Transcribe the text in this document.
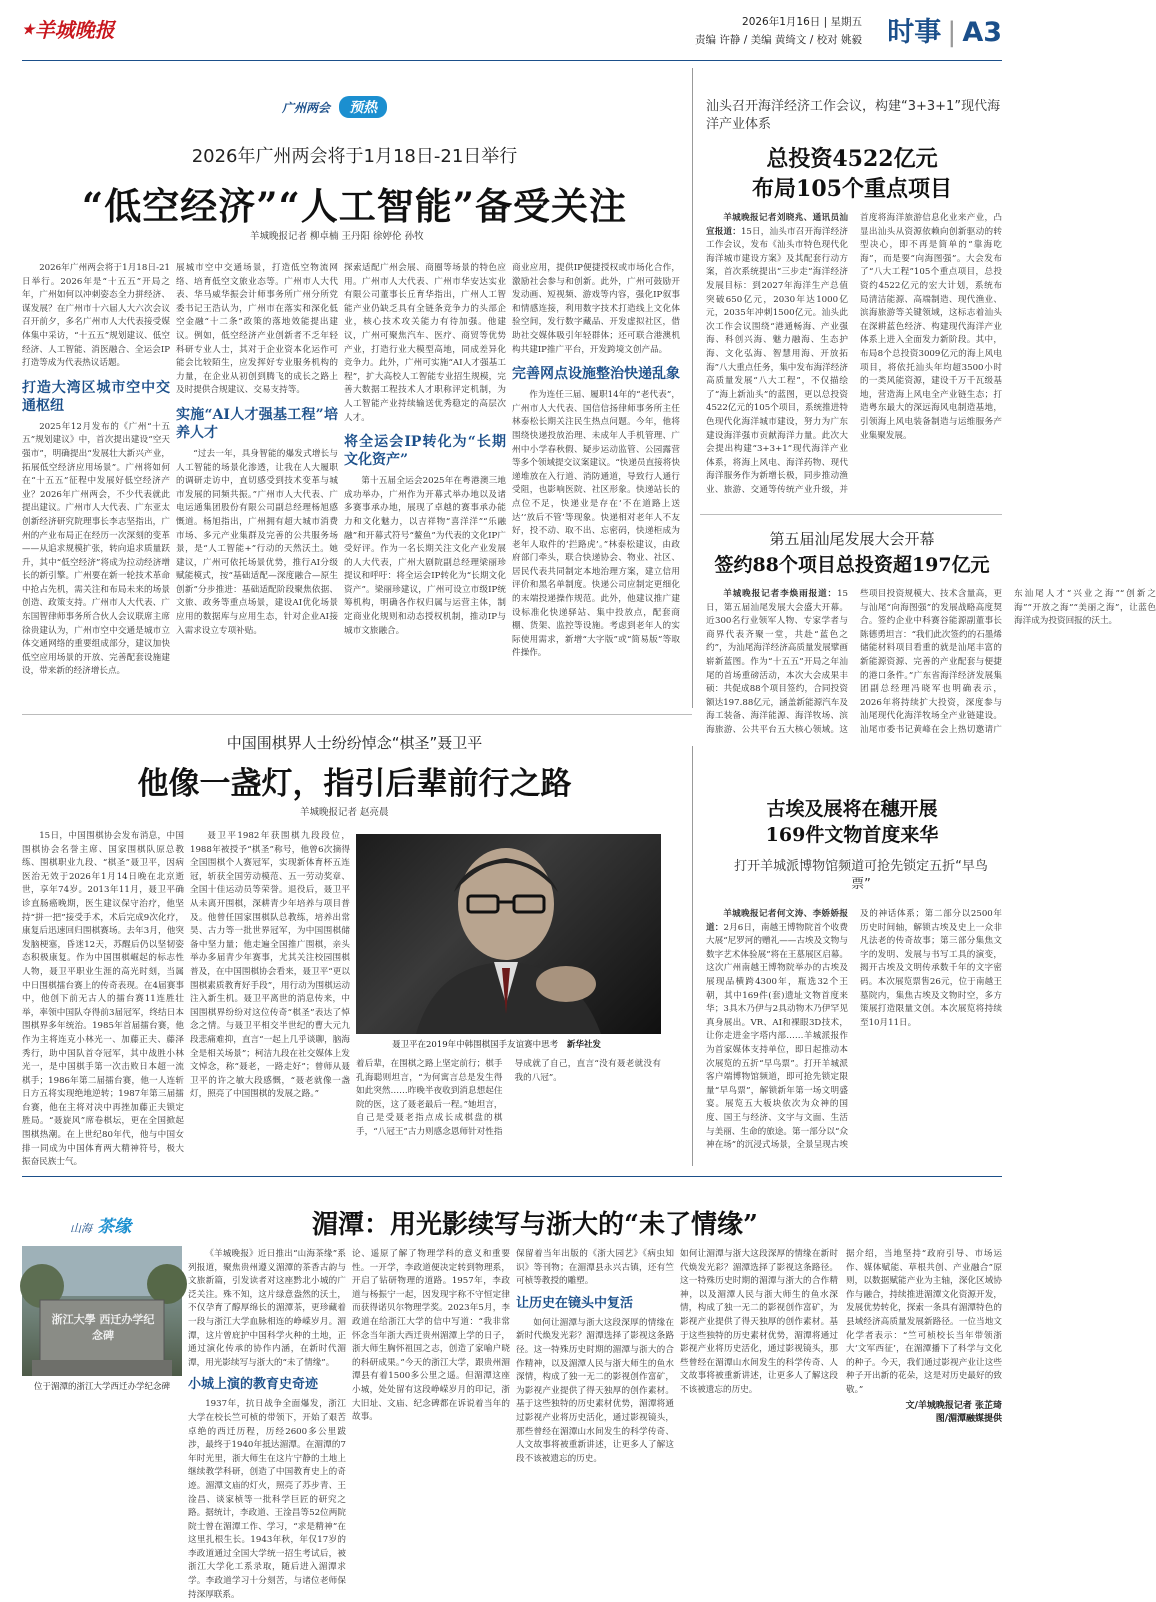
★羊城晚报	2026年1月16日 | 星期五
责编 许静 / 美编 黄绮文 / 校对 姚毅 时事 | A3
广州两会 预热
2026年广州两会将于1月18日-21日举行
“低空经济”“人工智能”备受关注
羊城晚报记者 柳卓楠 王丹阳 徐婷伦 孙牧

2026年广州两会将于1月18日-21日举行。2026年是“十五五”开局之年，广州如何以冲刺姿态全力拼经济、谋发展？在广州市十六届人大六次会议召开前夕，多名广州市人大代表接受媒体集中采访，“十五五”规划建议、低空经济、人工智能、消医融合、全运会IP打造等成为代表热议话题。

打造大湾区城市空中交通枢纽

2025年12月发布的《广州“十五五”规划建议》中，首次提出建设“空天强市”，明确提出“发展壮大新兴产业，拓展低空经济应用场景”。广州将如何在“十五五”征程中发展好低空经济产业？2026年广州两会，不少代表就此提出建议。广州市人大代表、广东亚太创新经济研究院理事长李志坚指出，广州的产业布局正在经历一次深刻的变革——从追求规模扩张，转向追求质量跃升，其中“低空经济”将成为拉动经济增长的新引擎。广州要在新一轮技术革命中抢占先机，需关注和布局未来的场景创造、政策支持。广州市人大代表、广东国智律师事务所合伙人会议联席主席徐贵建认为，广州市空中交通是城市立体交通网络的重要组成部分，建议加快低空应用场景的开放、完善配套设施建设，带来新的经济增长点。

展城市空中交通场景，打造低空物流网络、培育低空文旅业态等。广州市人大代表、华马威华振会计师事务所广州分所党委书记王浩认为，广州市在落实和深化低空金融“十二条”政策的落地效能提出建议。例如，低空经济产业创新者不乏年轻科研专业人士，其对于企业资本化运作可能会比较陌生，应发挥好专业服务机构的力量，在企业从初创到腾飞的成长之路上及时提供合规建议、交易支持等。

实施“AI人才强基工程”培养人才

“过去一年，具身智能的爆发式增长与人工智能的场景化渗透，让我在人大履职的调研走访中，直切感受到技术变革与城市发展的同频共振。”广州市人大代表、广电运通集团股份有限公司副总经理杨旭感慨道。杨旭指出，广州拥有超大城市消费市场、多元产业集群及完善的公共服务场景，是“人工智能+”行动的天然沃土。她建议，广州可依托场景优势，推行AI分级赋能模式，按“基础适配—深度融合—原生创新”分步推进：基础适配阶段聚焦依据、文旅、政务等重点场景，建设AI优化场景应用的数据库与应用生态，针对企业AI接入需求设立专项补贴。

探索适配广州会展、商圈等场景的特色应用。广州市人大代表、广州市华安达实业有限公司董事长丘育华指出，广州人工智能产业仍缺乏具有全链条竞争力的头部企业，核心技术攻关能力有待加强。他建议，广州可聚焦汽车、医疗、商贸等优势产业，打造行业大模型高地，同成差异化竞争力。此外，广州可实施“AI人才强基工程”，扩大高校人工智能专业招生规模，完善大数据工程技术人才职称评定机制，为人工智能产业持续输送优秀稳定的高层次人才。

将全运会IP转化为“长期文化资产”

第十五届全运会2025年在粤港澳三地成功举办，广州作为开幕式举办地以及诸多赛事承办地，展现了卓越的赛事承办能力和文化魅力，以吉祥物“喜洋洋”“乐融融”和开幕式符号“鳌鱼”为代表的文化IP广受好评。作为一名长期关注文化产业发展的人大代表，广州大剧院副总经理梁丽珍提议和呼吁：将全运会IP转化为“长期文化资产”。梁丽珍建议，广州可设立市级IP统筹机构，明确各作权归属与运营主体，制定商业化规则和动态授权机制，推动IP与城市文旅融合。

商业应用，提供IP便捷授权或市场化合作，激励社会参与和创新。此外，广州可鼓励开发动画、短视频、游戏等内容，强化IP叙事和情感连接，利用数字技术打造线上文化体验空间，发行数字藏品、开发虚拟社区，借助社交媒体吸引年轻群体；还可联合港澳机构共建IP推广平台，开发跨境文创产品。

完善网点设施整治快递乱象

作为连任三届、履职14年的“老代表”，广州市人大代表、国信信扬律师事务所主任林泰松长期关注民生热点问题。今年，他将围绕快递投放治理、未成年人手机管理、广州中小学春秋假、疑步运动监管、公园露营等多个领域提交议案建议。“快递员直接将快递堆放在入行道、消防通道，导致行人通行受阻，也影响医院、社区形象。快递站长的点位不足，快递业是存在‘不在道路上送达’‘放后不管’等现象。快递相对老年人不友好，投不动、取不出、忘密码，快递柜成为老年人取件的‘拦路虎’。”林泰松建议，由政府部门牵头，联合快递协会、物业、社区、居民代表共同制定本地治理方案，建立信用评价和黑名单制度。快递公司应制定更细化的末端投递操作规范。此外，他建议推广建设标准化快递驿站、集中投放点，配套商棚、货架、监控等设施。考虑到老年人的实际使用需求，新增“大字版”或“简易版”等取件操作。

汕头召开海洋经济工作会议，构建“3+3+1”现代海洋产业体系
总投资4522亿元
布局105个重点项目

羊城晚报记者刘晓兆、通讯员汕宣报道：15日，汕头市召开海洋经济工作会议，发布《汕头市特色现代化海洋城市建设方案》及其配套行动方案，首次系统提出“三步走”海洋经济发展目标：到2027年海洋生产总值突破650亿元，2030年达1000亿元，2035年冲刺1500亿元。汕头此次工作会议围绕“港通畅海、产业强海、科创兴海、魅力融海、生态护海、文化弘海、智慧用海、开放拓海”八大重点任务，集中发布海洋经济高质量发展“八大工程”，不仅描绘了“海上新汕头”的蓝图，更以总投资4522亿元的105个项目，系统推进特色现代化海洋城市建设，努力为广东建设海洋强市贡献海洋力量。此次大会提出构建“3+3+1”现代海洋产业体系，将海上风电、海洋药物、现代海洋服务作为新增长极，同步推动渔业、旅游、交通等传统产业升级，并首度将海洋旅游信息化业来产业，凸显出汕头从资源依赖向创新驱动的转型决心，即不再是简单的“靠海吃海”，而是要“向海图强”。大会发布了“八大工程”105个重点项目，总投资约4522亿元的宏大计划，系统布局清洁能源、高端制造、现代渔业、滨海旅游等关键领域，这标志着汕头在深耕蓝色经济、构建现代海洋产业体系上进入全面发力新阶段。其中，布局8个总投资3009亿元的海上风电项目，将依托汕头年均超3500小时的一类风能资源，建设千万千瓦级基地，营造海上风电全产业链生态；打造粤东最大的深远海风电制造基地，引领海上风电装备制造与运维服务产业集聚发展。

第五届汕尾发展大会开幕
签约88个项目总投资超197亿元

羊城晚报记者李焕雨报道：15日，第五届汕尾发展大会盛大开幕。近300名行业领军人物、专家学者与商界代表齐聚一堂，共赴“蓝色之约”，为汕尾海洋经济高质量发展擘画崭新蓝图。作为“十五五”开局之年汕尾的首场重磅活动，本次大会成果丰硕：共促成88个项目签约，合同投资额达197.88亿元，涵盖新能源汽车及海工装备、海洋能源、海洋牧场、滨海旅游、公共平台五大核心领域。这些项目投资规模大、技术含量高，更与汕尾“向海图强”的发展战略高度契合。签约企业中科赛谷能源副董事长陈德勇坦言：“我们此次签约的石墨烯储能材料项目看重的就是汕尾丰富的新能源资源、完善的产业配套与便捷的港口条件。”广东省海洋经济发展集团副总经理冯晓军也明确表示，2026年将持续扩大投资，深度参与汕尾现代化海洋牧场全产业链建设。汕尾市委书记黄峰在会上热切邀请广东汕尾人才“兴业之海”“创新之海”“开放之海”“美丽之海”，让蓝色海洋成为投资回报的沃土。

中国围棋界人士纷纷悼念“棋圣”聂卫平
他像一盏灯，指引后辈前行之路
羊城晚报记者 赵亮晨

15日，中国围棋协会发布消息，中国围棋协会名誉主席、国家围棋队原总教练、围棋职业九段、“棋圣”聂卫平，因病医治无效于2026年1月14日晚在北京逝世，享年74岁。2013年11月，聂卫平确诊直肠癌晚期，医生建议保守治疗，他坚持“拼一把”接受手术，术后完成9次化疗，康复后迅速回归围棋赛场。去年3月，他突发脑梗塞，昏迷12天，苏醒后仍以坚韧姿态积极康复。作为中国围棋崛起的标志性人物，聂卫平职业生涯的高光时刻，当属中日围棋擂台赛上的传奇表现。在4届赛事中，他创下前无古人的擂台赛11连胜壮举，率领中国队夺得前3届冠军，终结日本围棋界多年统治。1985年首届擂台赛，他作为主将连克小林光一、加藤正夫、藤泽秀行，助中国队首夺冠军，其中战胜小林光一，是中国棋手第一次击败日本超一流棋手；1986年第二届擂台赛，他一人连斩日方五将实现绝地逆转；1987年第三届擂台赛，他在主将对决中再挫加藤正夫锁定胜局。“聂旋风”席卷棋坛，更在全国掀起围棋热潮。在上世纪80年代，他与中国女排一同成为中国体育两大精神符号，极大振奋民族士气。

聂卫平1982年获围棋九段段位，1988年被授予“棋圣”称号，他曾6次摘得全国围棋个人赛冠军，实现新体育杯五连冠，斩获全国劳动模范、五一劳动奖章、全国十佳运动员等荣誉。退役后，聂卫平从未离开围棋，深耕青少年培养与项目普及。他曾任国家围棋队总教练，培养出常昊、古力等一批世界冠军，为中国围棋储备中坚力量；他走遍全国推广围棋，亲头举办多届青少年赛事，尤其关注校园围棋普及，在中国围棋协会看来，聂卫平“更以围棋素质教育好手段”，用行动为围棋运动注入新生机。聂卫平离世的消息传来，中国围棋界纷纷对这位传奇“棋圣”表达了悼念之情。与聂卫平相交半世纪的曹大元九段悲痛难抑，直言“一起上几乎谈聊，脑海全是相关场景”；柯洁九段在社交媒体上发文悼念，称“聂老，一路走好”；曾师从聂卫平的许之敏大段感慨，“聂老就像一盏灯，照亮了中国围棋的发展之路。”

聂卫平在2019年中韩围棋国手友谊赛中思考 新华社发

着后辈，在围棋之路上坚定前行；棋手孔海聪则坦言，“为何寓言总是发生得如此突然……昨晚半夜收到消息想起住院的医，这了聂老最后一程。”她坦言，自己是受聂老指点成长成棋盘的棋手，“八冠王”古力则感念恩师针对性指导成就了自己，直言“没有聂老就没有我的八冠”。

古埃及展将在穗开展
169件文物首度来华
打开羊城派博物馆频道可抢先锁定五折“早鸟票”

羊城晚报记者何文涛、李娇娇报道：2月6日，南越王博物院首个收费大展“尼罗河的赠礼——古埃及文物与数字艺术体验展”将在王墓展区启幕。这次广州南越王博物院举办的古埃及展现品横跨4300年，瓶选32个王朝，其中169件(套)遗址文物首度来华；3具木乃伊与2具动物木乃伊罕见真身展出。VR、AI和裸眼3D技术，让你走进金字塔内部……羊城派报作为首家媒体支持单位，即日起推动本次展览的五折“早鸟票”。打开羊城派客户端博物馆频道，即可抢先锁定限量“早鸟票”，解锁新年第一场文明盛宴。展览五大板块依次为众神的国度、国王与经济、文字与文面、生活与美丽、生命的旅途。第一部分以“众神在场”的沉浸式场景，全景呈现古埃及的神话体系；第二部分以2500年历史时间轴，解锁古埃及史上一众非凡法老的传奇故事；第三部分集焦文字的发明、发展与书写工具的演变，揭开古埃及文明传承数千年的文字密码。本次展览票售26元，位于南越王墓院内，集焦古埃及文物时空，多方策展打造限量文创。本次展览将持续至10月11日。

山海 茶缘	湄潭：用光影续写与浙大的“未了情缘”
浙江大學 西迁办学纪念碑
位于湄潭的浙江大学西迁办学纪念碑

《羊城晚报》近日推出“山海茶缘”系列报道，聚焦贵州遵义湄潭的茶香古韵与文旅新篇，引发读者对这座黔北小城的广泛关注。殊不知，这片绿意盎然的沃土，不仅孕育了醇厚绵长的湄潭茶，更珍藏着一段与浙江大学血脉相连的峥嵘岁月。湄潭，这片曾庇护中国科学火种的土地，正通过演化传承的协作内涵，在新时代湄潭，用光影续写与浙大的“未了情缘”。

小城上演的教育史奇迹

1937年，抗日战争全面爆发，浙江大学在校长竺可桢的带领下，开始了艰苦卓绝的西迁历程，历经2600多公里跋涉，最终于1940年抵达湄潭。在湄潭的7年时光里，浙大师生在这片宁静的土地上继续教学科研，创造了中国教育史上的奇迹。湄潭文庙的灯火，照亮了苏步青、王淦昌、谈家桢等一批科学巨匠的研究之路。据统计，李政道、王淦昌等52位两院院士曾在湄潭工作、学习，“求是精神”在这里扎根生长。1943年秋，年仅17岁的李政道通过全国大学统一招生考试后，被浙江大学化工系录取，随后进入湄潭求学。李政道学习十分刻苦，与诸位老师保持深厚联系。

论、遥原了解了物理学科的意义和重要性。一开学，李政道便决定转到物理系，开启了钻研物理的道路。1957年，李政道与杨振宁一起，因发现宇称不守恒定律而获得诺贝尔物理学奖。2023年5月，李政道在给浙江大学的信中写道：“我非常怀念当年浙大西迁贵州湄潭上学的日子，浙大师生胸怀祖国之志，创造了家喻户晓的科研成果。”今天的浙江大学，跟贵州湄潭县有着1500多公里之遥。但湄潭这座小城，处处留有这段峥嵘岁月的印记，浙大旧址、文庙、纪念碑都在诉说着当年的故事。

保留着当年出版的《浙大园艺》《病虫知识》等刊物；在湄潭县永兴古镇，还有竺可桢等教授的雕塑。

让历史在镜头中复活

如何让湄潭与浙大这段深厚的情缘在新时代焕发光彩？湄潭选择了影视这条路径。这一特殊历史时期的湄潭与浙大的合作精神，以及湄潭人民与浙大师生的鱼水深情，构成了独一无二的影视创作富矿，为影视产业提供了得天独厚的创作素材。基于这些独特的历史素材优势，湄潭将通过影视产业将历史活化，通过影视镜头，那些曾经在湄潭山水间发生的科学传奇、人文故事将被重新讲述，让更多人了解这段不该被遗忘的历史。

如何让湄潭与浙大这段深厚的情缘在新时代焕发光彩？湄潭选择了影视这条路径。这一特殊历史时期的湄潭与浙大的合作精神，以及湄潭人民与浙大师生的鱼水深情，构成了独一无二的影视创作富矿，为影视产业提供了得天独厚的创作素材。基于这些独特的历史素材优势，湄潭将通过影视产业将历史活化，通过影视镜头，那些曾经在湄潭山水间发生的科学传奇、人文故事将被重新讲述，让更多人了解这段不该被遗忘的历史。

据介绍，当地坚持“政府引导、市场运作、媒体赋能、草根共创、产业融合”原则，以数据赋能产业为主轴，深化区域协作与融合，持续推进湄潭文化资源开发，发展优势转化，探索一条具有湄潭特色的县域经济高质量发展新路径。一位当地文化学者表示：“竺可桢校长当年带领浙大‘文军西征’，在湄潭播下了科学与文化的种子。今天，我们通过影视产业让这些种子开出新的花朵，这是对历史最好的致敬。”

文/羊城晚报记者 张芷琦
图/湄潭融媒提供
